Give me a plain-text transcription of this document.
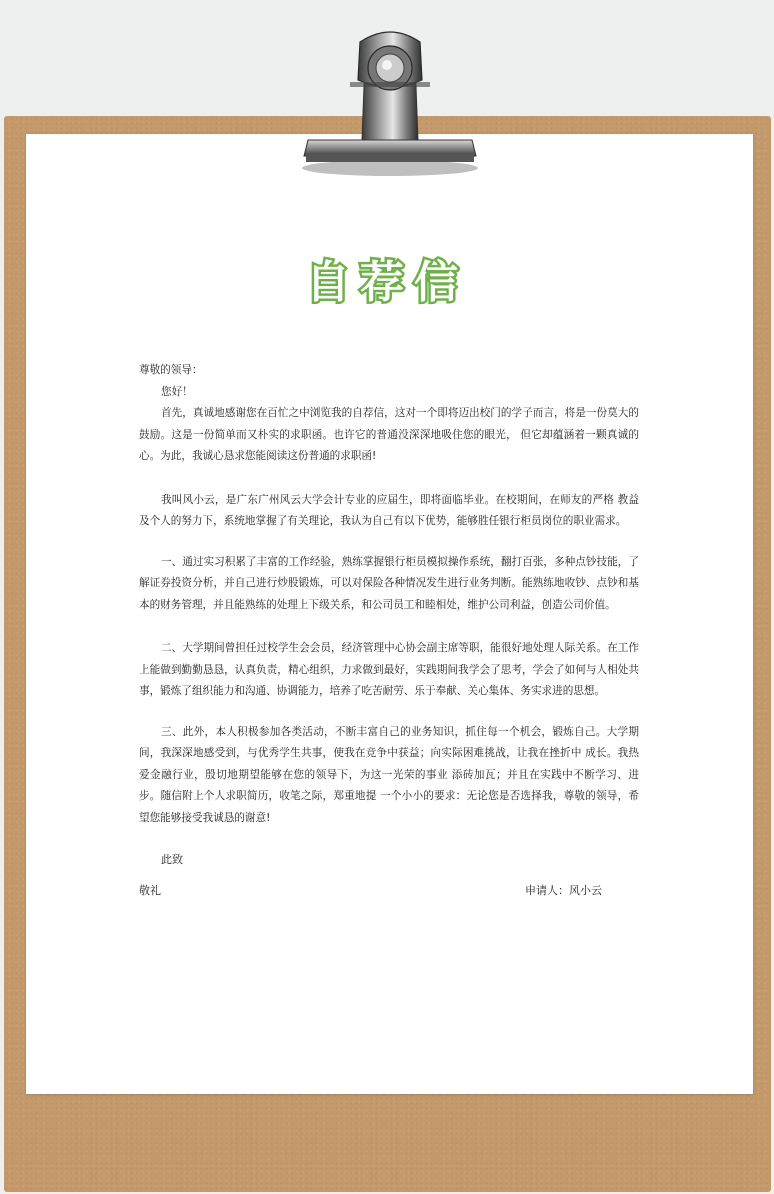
自荐信

尊敬的领导：

您好！

首先，真诚地感谢您在百忙之中浏览我的自荐信，这对一个即将迈出校门的学子而言，将是一份莫大的鼓励。这是一份简单而又朴实的求职函。也许它的普通没深深地吸住您的眼光， 但它却蕴涵着一颗真诚的心。为此，我诚心恳求您能阅读这份普通的求职函!

我叫风小云，是广东广州风云大学会计专业的应届生，即将面临毕业。在校期间，在师友的严格 教益及个人的努力下，系统地掌握了有关理论，我认为自己有以下优势，能够胜任银行柜员岗位的职业需求。

一、通过实习积累了丰富的工作经验，熟练掌握银行柜员模拟操作系统，翻打百张，多种点钞技能，了解证券投资分析，并自己进行炒股锻炼，可以对保险各种情况发生进行业务判断。能熟练地收钞、点钞和基本的财务管理，并且能熟练的处理上下级关系，和公司员工和睦相处，维护公司利益，创造公司价值。

二、大学期间曾担任过校学生会会员，经济管理中心协会副主席等职，能很好地处理人际关系。在工作上能做到勤勤恳恳，认真负责，精心组织，力求做到最好，实践期间我学会了思考，学会了如何与人相处共事，锻炼了组织能力和沟通、协调能力，培养了吃苦耐劳、乐于奉献、关心集体、务实求进的思想。

三、此外，本人积极参加各类活动，不断丰富自己的业务知识，抓住每一个机会，锻炼自己。大学期间，我深深地感受到，与优秀学生共事，使我在竞争中获益；向实际困难挑战，让我在挫折中 成长。我热爱金融行业，殷切地期望能够在您的领导下，为这一光荣的事业 添砖加瓦；并且在实践中不断学习、进步。随信附上个人求职简历，收笔之际，郑重地提 一个小小的要求：无论您是否选择我，尊敬的领导，希望您能够接受我诚恳的谢意!

此致
敬礼	申请人：风小云
